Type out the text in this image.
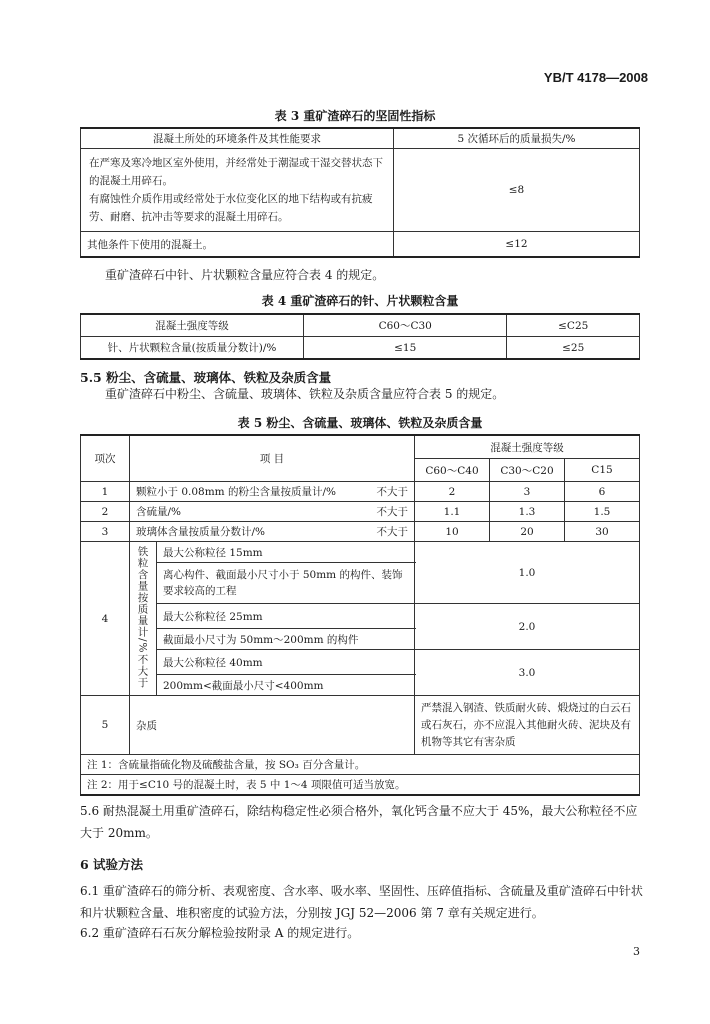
YB/T 4178—2008
表 3 重矿渣碎石的坚固性指标
混凝土所处的环境条件及其性能要求	5 次循环后的质量损失/%

在严寒及寒冷地区室外使用，并经常处于潮湿或干湿交替状态下的混凝土用碎石。
有腐蚀性介质作用或经常处于水位变化区的地下结构或有抗疲劳、耐磨、抗冲击等要求的混凝土用碎石。	≤8
其他条件下使用的混凝土。	≤12
重矿渣碎石中针、片状颗粒含量应符合表 4 的规定。
表 4 重矿渣碎石的针、片状颗粒含量
混凝土强度等级	C60～C30	≤C25
针、片状颗粒含量(按质量分数计)/%	≤15	≤25
5.5 粉尘、含硫量、玻璃体、铁粒及杂质含量
重矿渣碎石中粉尘、含硫量、玻璃体、铁粒及杂质含量应符合表 5 的规定。
表 5 粉尘、含硫量、玻璃体、铁粒及杂质含量
项次	项 目		混凝土强度等级		
			C60～C40	C30～C20	C15
1	颗粒小于 0.08mm 的粉尘含量按质量计/% 不大于		2	3	6
2	含硫量/% 不大于		1.1	1.3	1.5
3	玻璃体含量按质量分数计/% 不大于		10	20	30
4	铁粒含量按质量计/%不大于	最大公称粒径 15mm	1.0		
		离心构件、截面最小尺寸小于 50mm 的构件、装饰要求较高的工程			
		最大公称粒径 25mm	2.0		
		截面最小尺寸为 50mm～200mm 的构件			
		最大公称粒径 40mm	3.0		
		200mm<截面最小尺寸<400mm			
5	杂质		严禁混入钢渣、铁质耐火砖、煅烧过的白云石或石灰石，亦不应混入其他耐火砖、泥块及有机物等其它有害杂质		
注 1：含硫量指硫化物及硫酸盐含量，按 SO₃ 百分含量计。					
注 2：用于≤C10 号的混凝土时，表 5 中 1～4 项限值可适当放宽。					
5.6 耐热混凝土用重矿渣碎石，除结构稳定性必须合格外，氧化钙含量不应大于 45%，最大公称粒径不应大于 20mm。
6 试验方法
6.1 重矿渣碎石的筛分析、表观密度、含水率、吸水率、坚固性、压碎值指标、含硫量及重矿渣碎石中针状和片状颗粒含量、堆积密度的试验方法，分别按 JGJ 52—2006 第 7 章有关规定进行。
6.2 重矿渣碎石石灰分解检验按附录 A 的规定进行。
3
